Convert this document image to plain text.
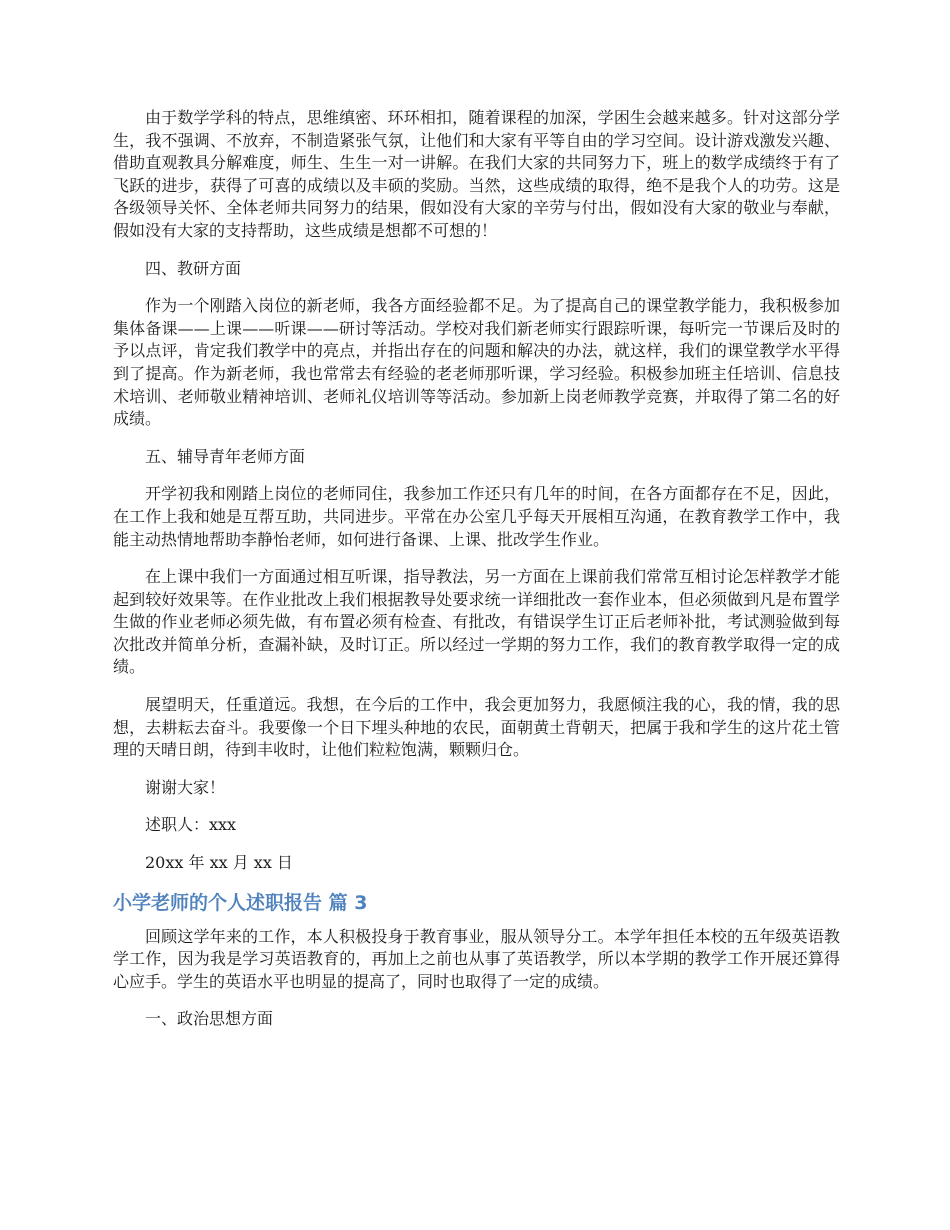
由于数学学科的特点，思维缜密、环环相扣，随着课程的加深，学困生会越来越多。针对这部分学生，我不强调、不放弃，不制造紧张气氛，让他们和大家有平等自由的学习空间。设计游戏激发兴趣、借助直观教具分解难度，师生、生生一对一讲解。在我们大家的共同努力下，班上的数学成绩终于有了飞跃的进步，获得了可喜的成绩以及丰硕的奖励。当然，这些成绩的取得，绝不是我个人的功劳。这是各级领导关怀、全体老师共同努力的结果，假如没有大家的辛劳与付出，假如没有大家的敬业与奉献，假如没有大家的支持帮助，这些成绩是想都不可想的！

四、教研方面

作为一个刚踏入岗位的新老师，我各方面经验都不足。为了提高自己的课堂教学能力，我积极参加集体备课——上课——听课——研讨等活动。学校对我们新老师实行跟踪听课，每听完一节课后及时的予以点评，肯定我们教学中的亮点，并指出存在的问题和解决的办法，就这样，我们的课堂教学水平得到了提高。作为新老师，我也常常去有经验的老老师那听课，学习经验。积极参加班主任培训、信息技术培训、老师敬业精神培训、老师礼仪培训等等活动。参加新上岗老师教学竞赛，并取得了第二名的好成绩。

五、辅导青年老师方面

开学初我和刚踏上岗位的老师同住，我参加工作还只有几年的时间，在各方面都存在不足，因此，在工作上我和她是互帮互助，共同进步。平常在办公室几乎每天开展相互沟通，在教育教学工作中，我能主动热情地帮助李静怡老师，如何进行备课、上课、批改学生作业。

在上课中我们一方面通过相互听课，指导教法，另一方面在上课前我们常常互相讨论怎样教学才能起到较好效果等。在作业批改上我们根据教导处要求统一详细批改一套作业本，但必须做到凡是布置学生做的作业老师必须先做，有布置必须有检查、有批改，有错误学生订正后老师补批，考试测验做到每次批改并简单分析，查漏补缺，及时订正。所以经过一学期的努力工作，我们的教育教学取得一定的成绩。

展望明天，任重道远。我想，在今后的工作中，我会更加努力，我愿倾注我的心，我的情，我的思想，去耕耘去奋斗。我要像一个日下埋头种地的农民，面朝黄土背朝天，把属于我和学生的这片花土管理的天晴日朗，待到丰收时，让他们粒粒饱满，颗颗归仓。

谢谢大家！

述职人：xxx

20xx 年 xx 月 xx 日

小学老师的个人述职报告 篇 3

回顾这学年来的工作，本人积极投身于教育事业，服从领导分工。本学年担任本校的五年级英语教学工作，因为我是学习英语教育的，再加上之前也从事了英语教学，所以本学期的教学工作开展还算得心应手。学生的英语水平也明显的提高了，同时也取得了一定的成绩。

一、政治思想方面
